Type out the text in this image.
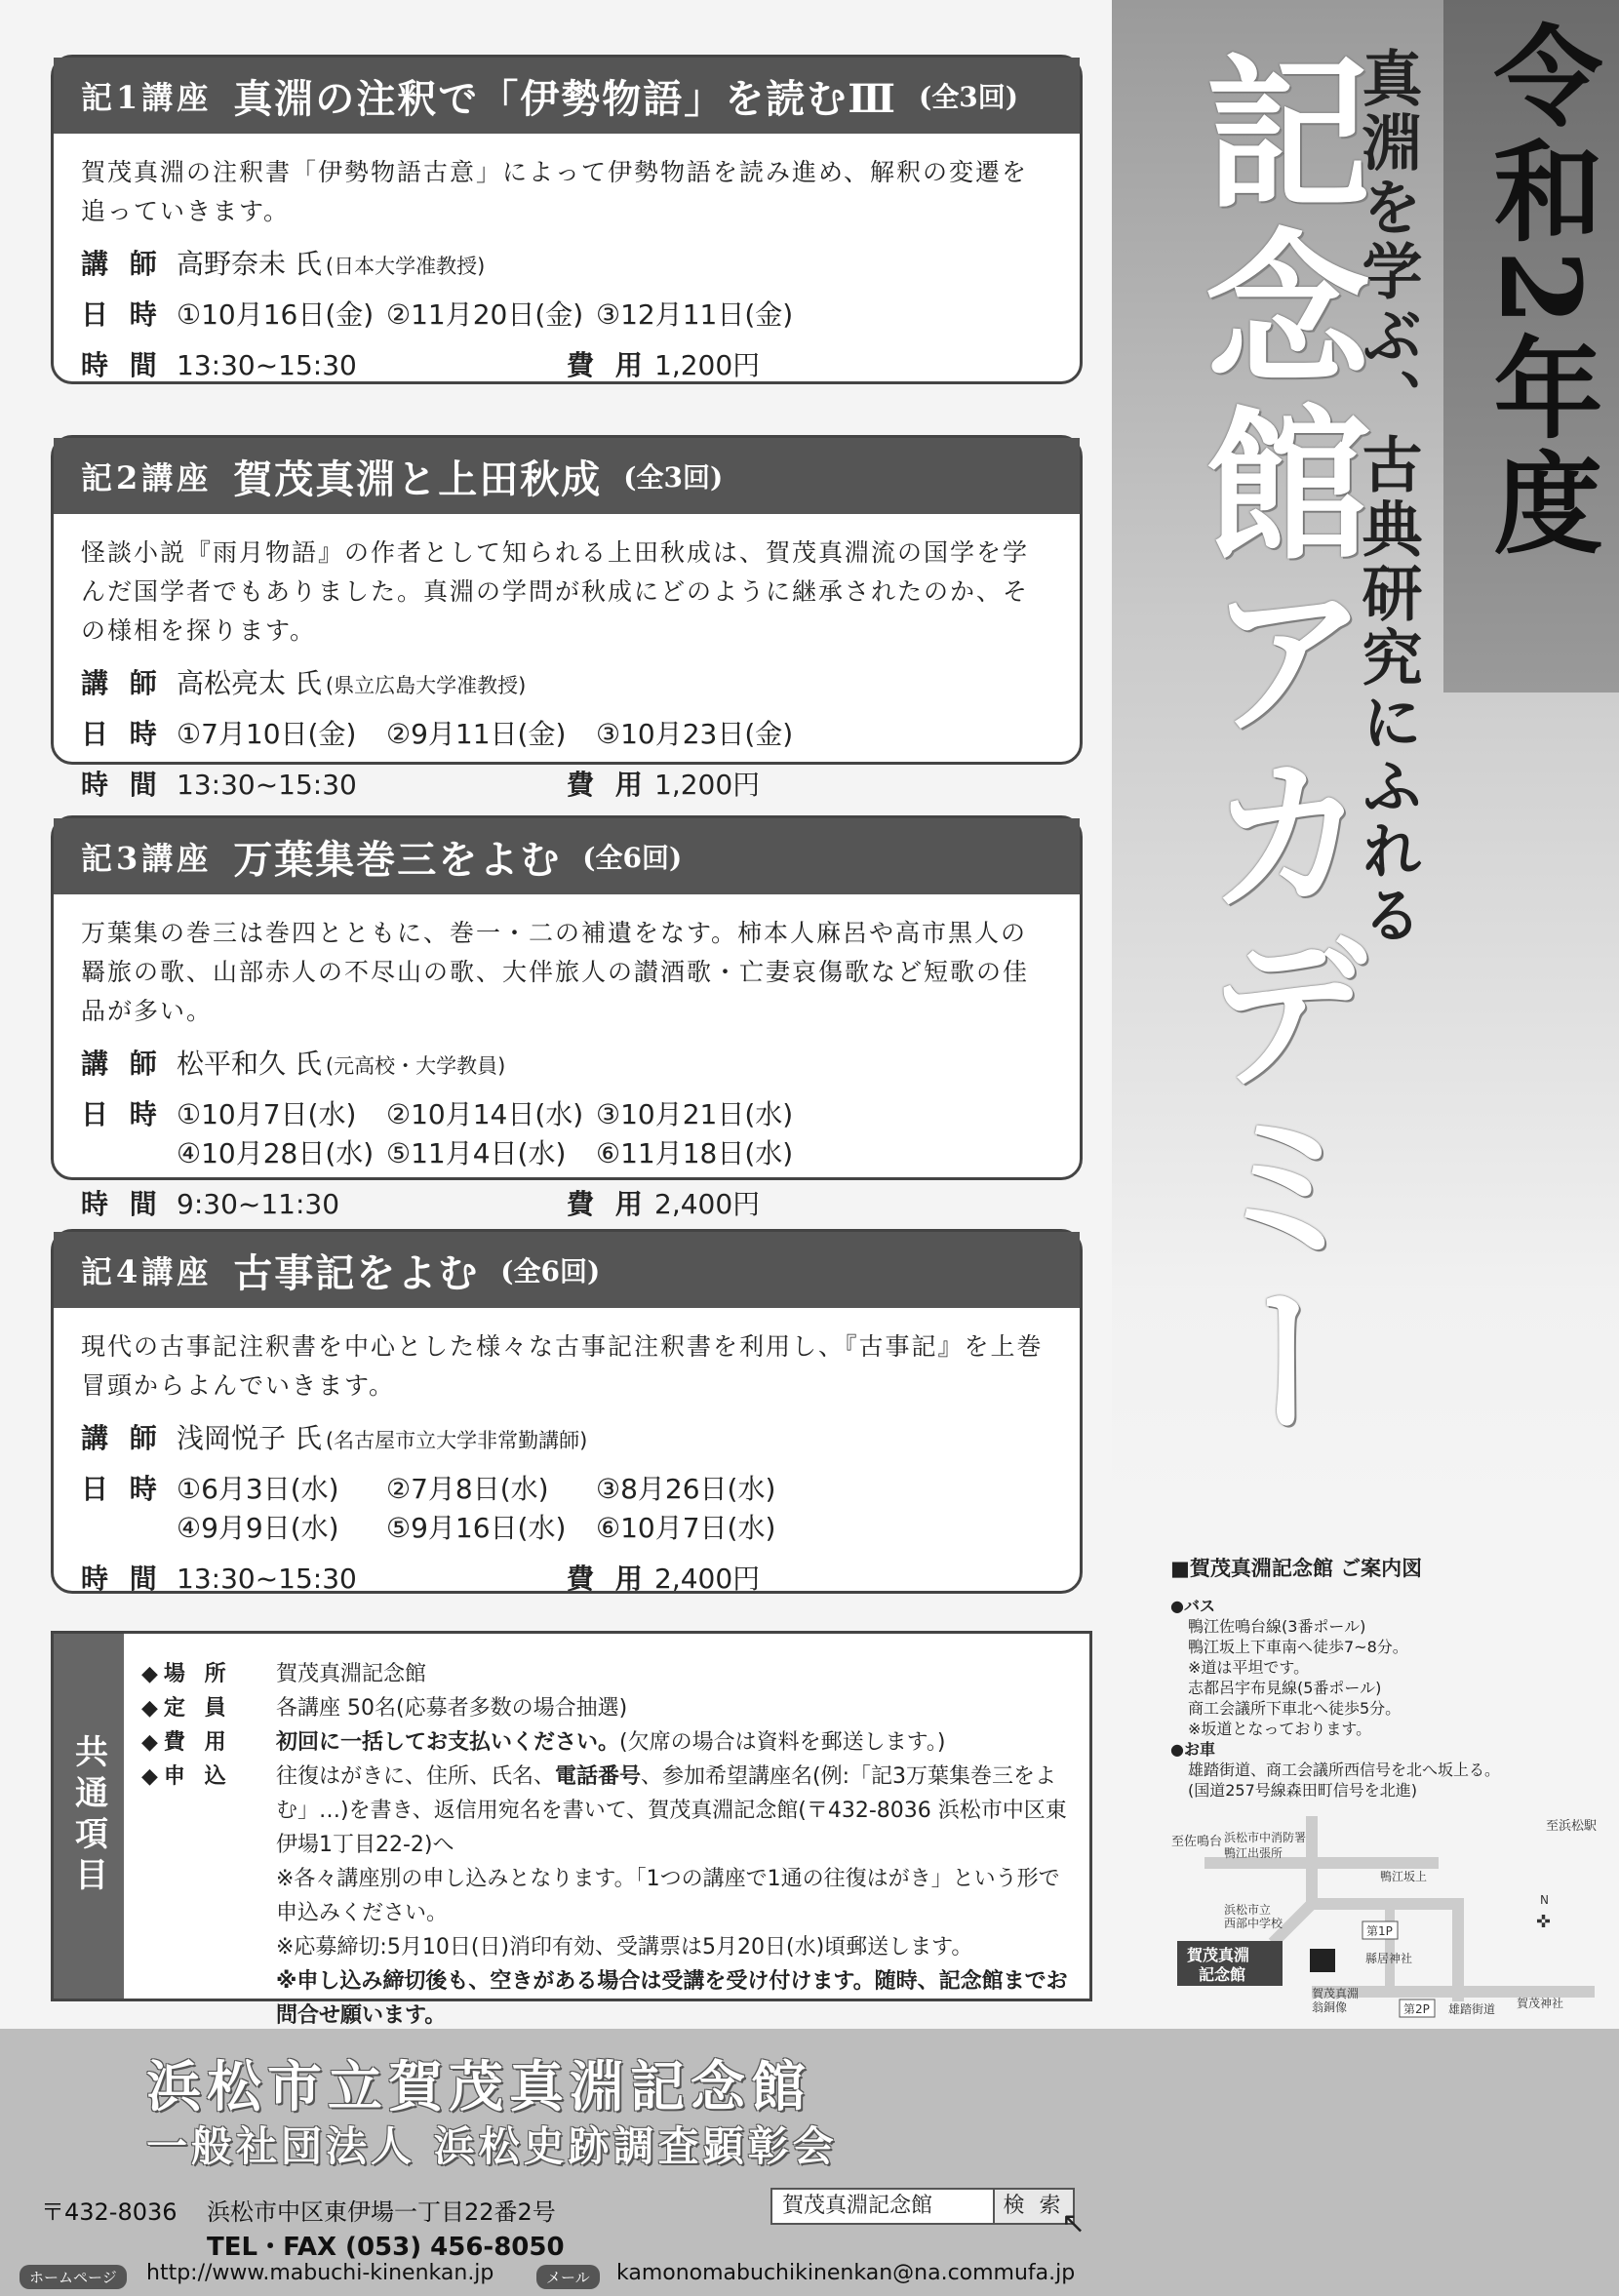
令和2年度
真淵を学ぶ、古典研究にふれる
記念館アカデミー
記1講座 真淵の注釈で「伊勢物語」を読むⅢ (全3回)
賀茂真淵の注釈書「伊勢物語古意」によって伊勢物語を読み進め、解釈の変遷を追っていきます。
講 師 高野奈未 氏 (日本大学准教授)
日 時 ①10月16日(金) ②11月20日(金) ③12月11日(金)
時 間 13:30~15:30	費 用 1,200円
記2講座 賀茂真淵と上田秋成 (全3回)
怪談小説『雨月物語』の作者として知られる上田秋成は、賀茂真淵流の国学を学んだ国学者でもありました。真淵の学問が秋成にどのように継承されたのか、その様相を探ります。
講 師 高松亮太 氏 (県立広島大学准教授)
日 時 ①7月10日(金)	②9月11日(金)	③10月23日(金)
時 間 13:30~15:30	費 用 1,200円
記3講座 万葉集巻三をよむ (全6回)
万葉集の巻三は巻四とともに、巻一・二の補遺をなす。柿本人麻呂や高市黒人の羇旅の歌、山部赤人の不尽山の歌、大伴旅人の讃酒歌・亡妻哀傷歌など短歌の佳品が多い。
講 師 松平和久 氏 (元高校・大学教員)
日 時 ①10月7日(水)	②10月14日(水) ③10月21日(水)
④10月28日(水) ⑤11月4日(水)	⑥11月18日(水)
時 間 9:30~11:30	費 用 2,400円
記4講座 古事記をよむ (全6回)
現代の古事記注釈書を中心とした様々な古事記注釈書を利用し、『古事記』を上巻冒頭からよんでいきます。
講 師 浅岡悦子 氏 (名古屋市立大学非常勤講師)
日 時 ①6月3日(水)	②7月8日(水)	③8月26日(水)
④9月9日(水)	⑤9月16日(水)	⑥10月7日(水)
時 間 13:30~15:30	費 用 2,400円
共通項目
◆場 所	賀茂真淵記念館
◆定 員	各講座 50名(応募者多数の場合抽選)
◆費 用	初回に一括してお支払いください。(欠席の場合は資料を郵送します。)
◆申 込	往復はがきに、住所、氏名、電話番号、参加希望講座名(例:「記3万葉集巻三をよむ」…)を書き、返信用宛名を書いて、賀茂真淵記念館(〒432-8036 浜松市中区東伊場1丁目22-2)へ
※各々講座別の申し込みとなります。「1つの講座で1通の往復はがき」という形で申込みください。
※応募締切:5月10日(日)消印有効、受講票は5月20日(水)頃郵送します。
※申し込み締切後も、空きがある場合は受講を受け付けます。随時、記念館までお問合せ願います。
■賀茂真淵記念館 ご案内図
●バス
鴨江佐鳴台線(3番ポール)
鴨江坂上下車南へ徒歩7~8分。
※道は平坦です。
志都呂宇布見線(5番ポール)
商工会議所下車北へ徒歩5分。
※坂道となっております。
●お車
雄踏街道、商工会議所西信号を北へ坂上る。
(国道257号線森田町信号を北進)
賀茂真淵
記念館
至佐鳴台
至浜松駅
浜松市中消防署
鴨江出張所
鴨江坂上
浜松市立
西部中学校
第1P
縣居神社
賀茂真淵
翁銅像	第2P 雄踏街道 賀茂神社
N
✜
浜松市立賀茂真淵記念館
一般社団法人 浜松史跡調査顕彰会
〒432-8036 浜松市中区東伊場一丁目22番2号
TEL・FAX (053) 456-8050
賀茂真淵記念館	検 索
↖
ホームページ	http://www.mabuchi-kinenkan.jp	メール	kamonomabuchikinenkan@na.commufa.jp
